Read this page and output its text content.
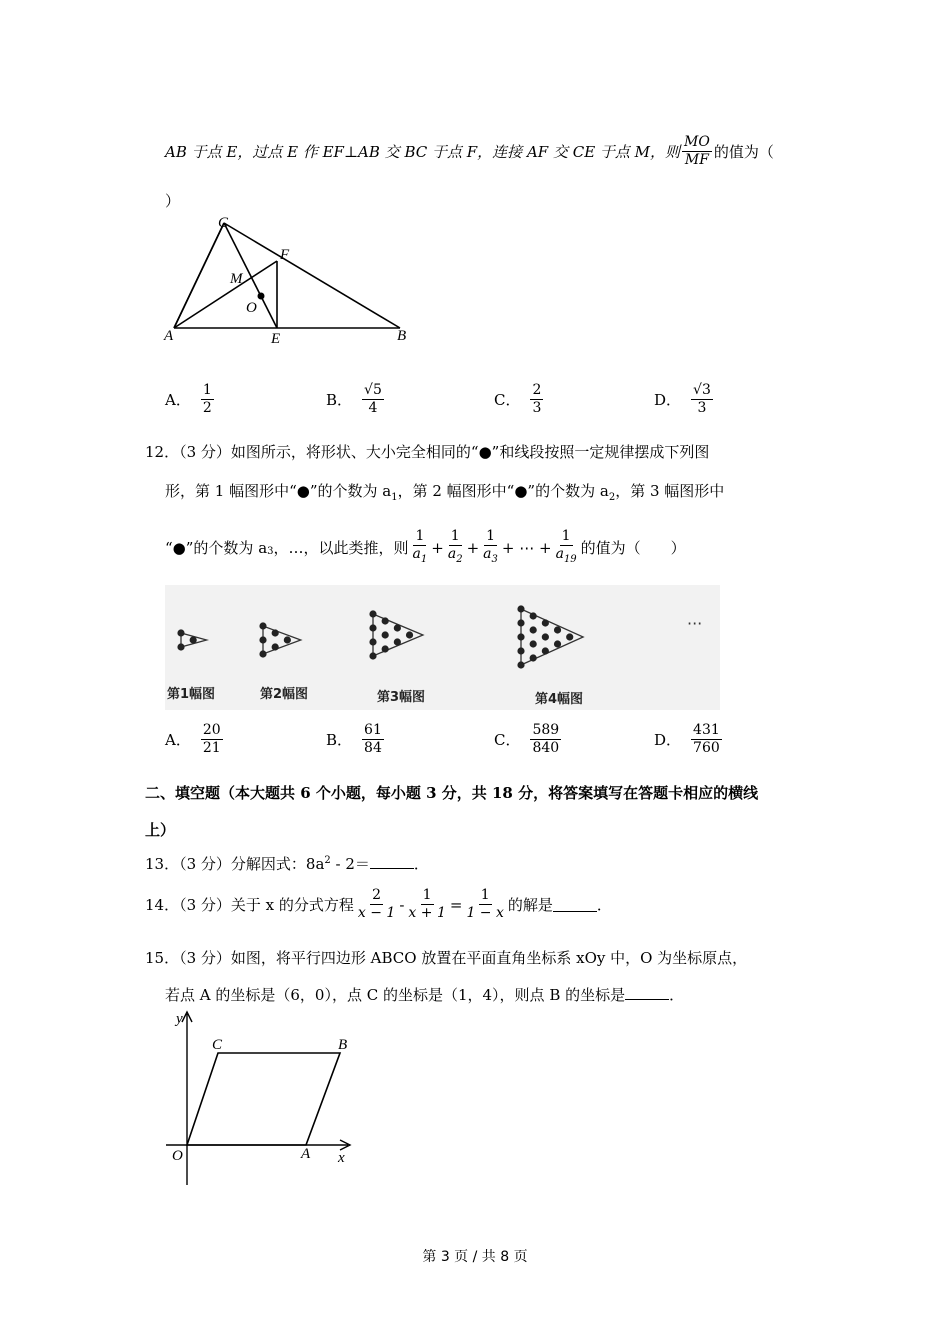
AB 于点 E，过点 E 作 EF⊥AB 交 BC 于点 F，连接 AF 交 CE 于点 M，则 $\frac{MO}{MF}$ 的值为（
）
C
F
M
O
A	E	B
A． $\frac{1}{2}$	B． $\frac{√5}{4}$	C． $\frac{2}{3}$	D． $\frac{√3}{3}$
12．（3 分）如图所示，将形状、大小完全相同的“●”和线段按照一定规律摆成下列图
形，第 1 幅图形中“●”的个数为 $a_1$，第 2 幅图形中“●”的个数为 $a_2$，第 3 幅图形中
“●”的个数为 $a_3$ ，…，以此类推，则 $\frac{1}{a_1} + \frac{1}{a_2} + \frac{1}{a_3}$ + ⋯ + $\frac{1}{a_{19}}$ 的值为（　　）
第1幅图	第2幅图	第3幅图	第4幅图
···
A． $\frac{20}{21}$	B． $\frac{61}{84}$	C． $\frac{589}{840}$	D． $\frac{431}{760}$
二、填空题（本大题共 6 个小题，每小题 3 分，共 18 分，将答案填写在答题卡相应的横线
上）
13．（3 分）分解因式：$8a^2 - 2=$	．
14．（3 分）关于 x 的分式方程 $\frac{2}{x - 1} - \frac{1}{x + 1} = \frac{1}{1 - x}$ 的解是	．
15．（3 分）如图，将平行四边形 ABCO 放置在平面直角坐标系 xOy 中，O 为坐标原点，
若点 A 的坐标是（6，0），点 C 的坐标是（1，4），则点 B 的坐标是	．
y
C	B
O	A x
第 3 页 / 共 8 页
